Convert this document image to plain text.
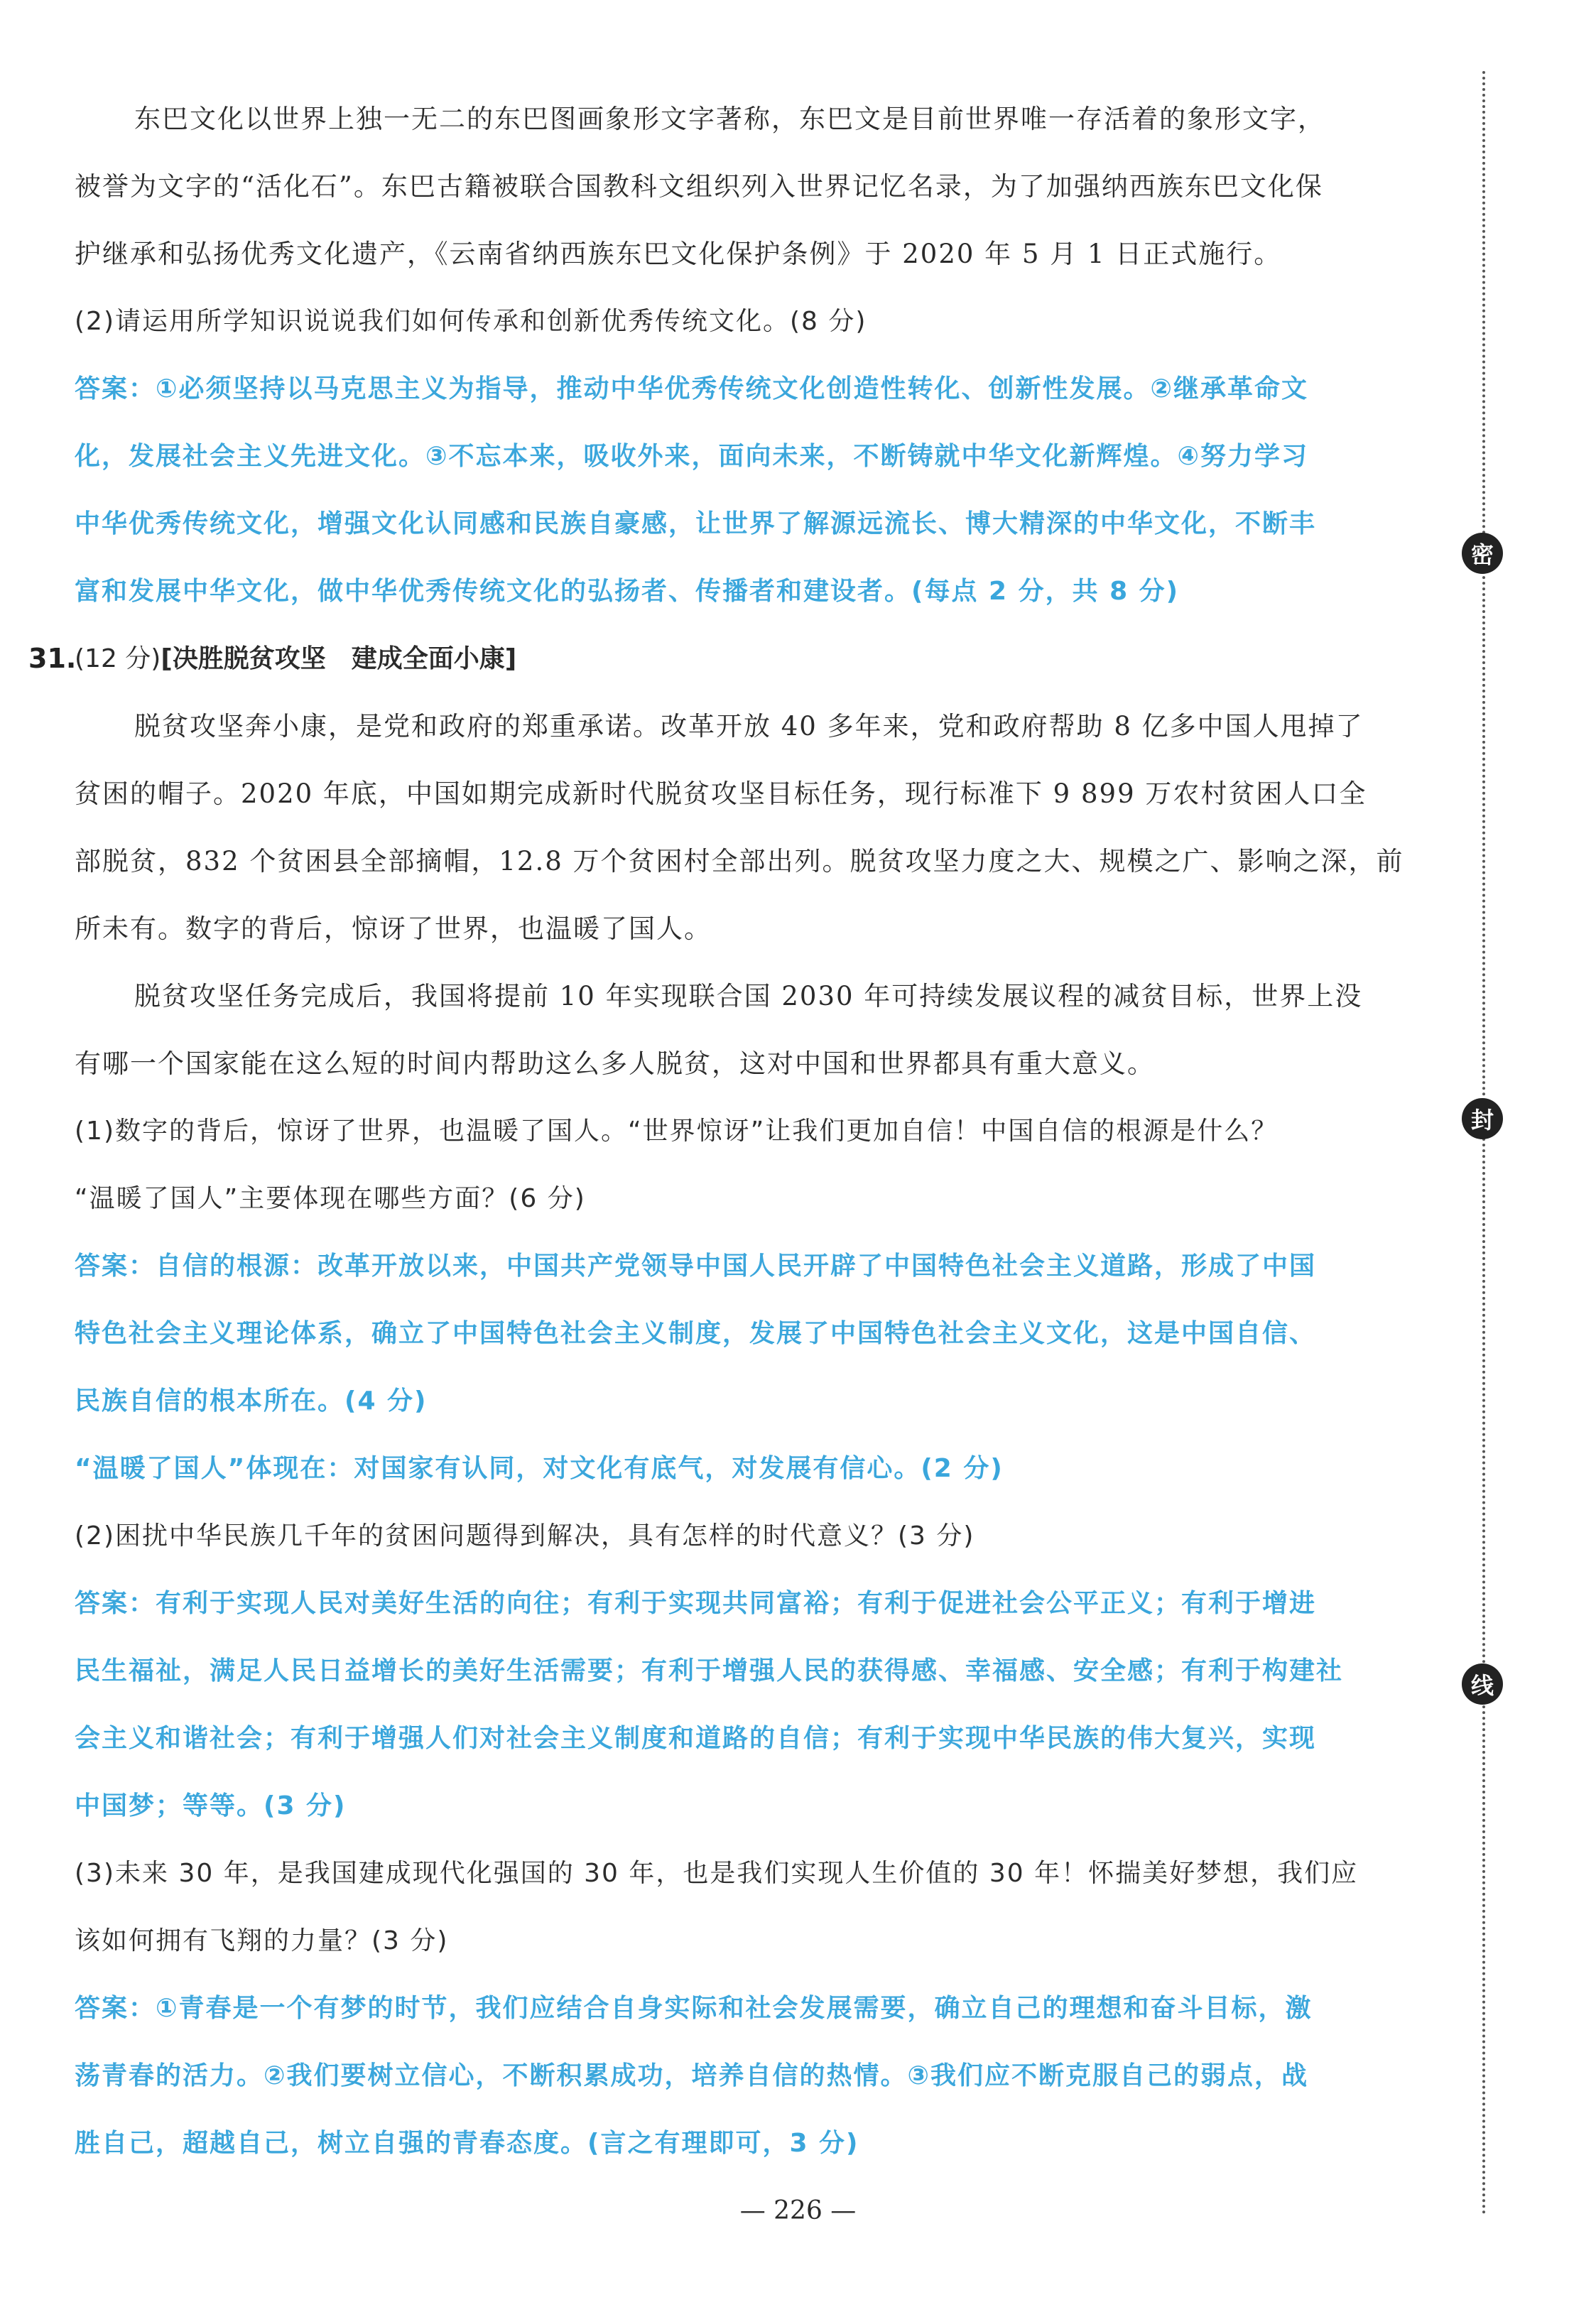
东巴文化以世界上独一无二的东巴图画象形文字著称，东巴文是目前世界唯一存活着的象形文字，

被誉为文字的“活化石”。东巴古籍被联合国教科文组织列入世界记忆名录，为了加强纳西族东巴文化保

护继承和弘扬优秀文化遗产，《云南省纳西族东巴文化保护条例》于 2020 年 5 月 1 日正式施行。

(2)请运用所学知识说说我们如何传承和创新优秀传统文化。(8 分)

答案：①必须坚持以马克思主义为指导，推动中华优秀传统文化创造性转化、创新性发展。②继承革命文

化，发展社会主义先进文化。③不忘本来，吸收外来，面向未来，不断铸就中华文化新辉煌。④努力学习

中华优秀传统文化，增强文化认同感和民族自豪感，让世界了解源远流长、博大精深的中华文化，不断丰

富和发展中华文化，做中华优秀传统文化的弘扬者、传播者和建设者。(每点 2 分，共 8 分)

31.
(12 分)[决胜脱贫攻坚　建成全面小康]

脱贫攻坚奔小康，是党和政府的郑重承诺。改革开放 40 多年来，党和政府帮助 8 亿多中国人甩掉了

贫困的帽子。2020 年底，中国如期完成新时代脱贫攻坚目标任务，现行标准下 9 899 万农村贫困人口全

部脱贫，832 个贫困县全部摘帽，12.8 万个贫困村全部出列。脱贫攻坚力度之大、规模之广、影响之深，前

所未有。数字的背后，惊讶了世界，也温暖了国人。

脱贫攻坚任务完成后，我国将提前 10 年实现联合国 2030 年可持续发展议程的减贫目标，世界上没

有哪一个国家能在这么短的时间内帮助这么多人脱贫，这对中国和世界都具有重大意义。

(1)数字的背后，惊讶了世界，也温暖了国人。“世界惊讶”让我们更加自信！中国自信的根源是什么？

“温暖了国人”主要体现在哪些方面？(6 分)

答案：自信的根源：改革开放以来，中国共产党领导中国人民开辟了中国特色社会主义道路，形成了中国

特色社会主义理论体系，确立了中国特色社会主义制度，发展了中国特色社会主义文化，这是中国自信、

民族自信的根本所在。(4 分)

“温暖了国人”体现在：对国家有认同，对文化有底气，对发展有信心。(2 分)

(2)困扰中华民族几千年的贫困问题得到解决，具有怎样的时代意义？(3 分)

答案：有利于实现人民对美好生活的向往；有利于实现共同富裕；有利于促进社会公平正义；有利于增进

民生福祉，满足人民日益增长的美好生活需要；有利于增强人民的获得感、幸福感、安全感；有利于构建社

会主义和谐社会；有利于增强人们对社会主义制度和道路的自信；有利于实现中华民族的伟大复兴，实现

中国梦；等等。(3 分)

(3)未来 30 年，是我国建成现代化强国的 30 年，也是我们实现人生价值的 30 年！怀揣美好梦想，我们应

该如何拥有飞翔的力量？(3 分)

答案：①青春是一个有梦的时节，我们应结合自身实际和社会发展需要，确立自己的理想和奋斗目标，激

荡青春的活力。②我们要树立信心，不断积累成功，培养自信的热情。③我们应不断克服自己的弱点，战

胜自己，超越自己，树立自强的青春态度。(言之有理即可，3 分)

密
封
线
— 226 —
